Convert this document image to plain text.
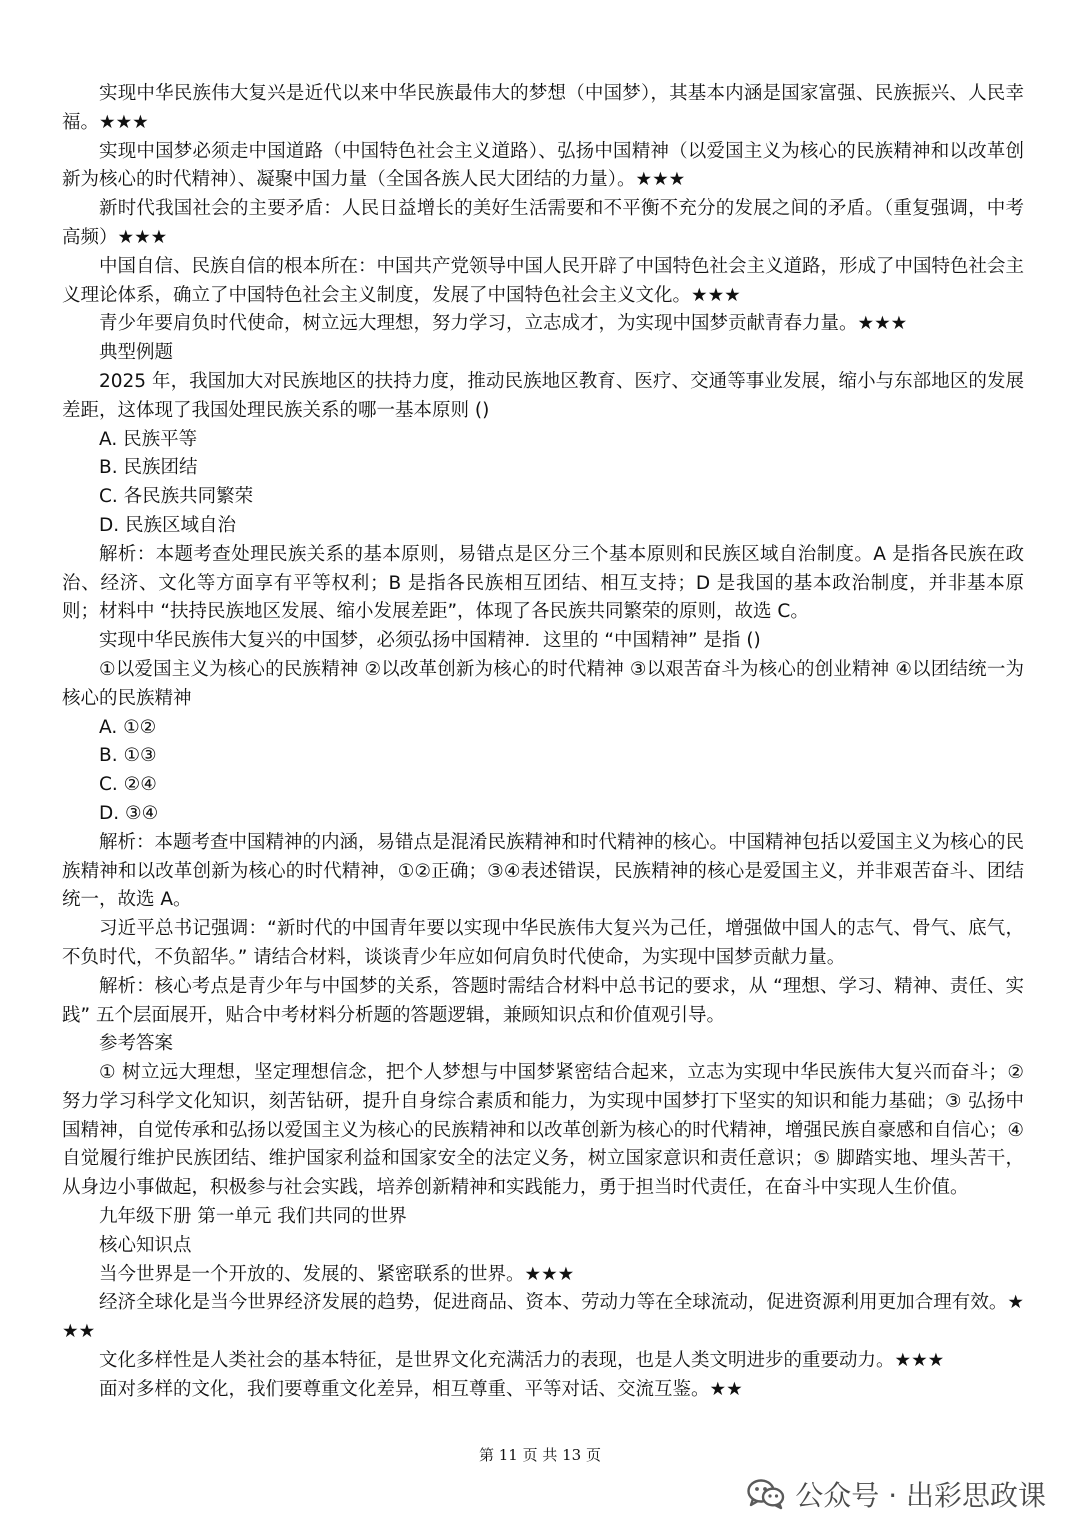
实现中华民族伟大复兴是近代以来中华民族最伟大的梦想（中国梦），其基本内涵是国家富强、民族振兴、人民幸福。★★★

实现中国梦必须走中国道路（中国特色社会主义道路）、弘扬中国精神（以爱国主义为核心的民族精神和以改革创新为核心的时代精神）、凝聚中国力量（全国各族人民大团结的力量）。★★★

新时代我国社会的主要矛盾：人民日益增长的美好生活需要和不平衡不充分的发展之间的矛盾。（重复强调，中考高频）★★★

中国自信、民族自信的根本所在：中国共产党领导中国人民开辟了中国特色社会主义道路，形成了中国特色社会主义理论体系，确立了中国特色社会主义制度，发展了中国特色社会主义文化。★★★

青少年要肩负时代使命，树立远大理想，努力学习，立志成才，为实现中国梦贡献青春力量。★★★

典型例题

2025 年，我国加大对民族地区的扶持力度，推动民族地区教育、医疗、交通等事业发展，缩小与东部地区的发展差距，这体现了我国处理民族关系的哪一基本原则 ()

A. 民族平等

B. 民族团结

C. 各民族共同繁荣

D. 民族区域自治

解析：本题考查处理民族关系的基本原则，易错点是区分三个基本原则和民族区域自治制度。A 是指各民族在政治、经济、文化等方面享有平等权利；B 是指各民族相互团结、相互支持；D 是我国的基本政治制度，并非基本原则；材料中 “扶持民族地区发展、缩小发展差距”，体现了各民族共同繁荣的原则，故选 C。

实现中华民族伟大复兴的中国梦，必须弘扬中国精神．这里的 “中国精神” 是指 ()

①以爱国主义为核心的民族精神 ②以改革创新为核心的时代精神 ③以艰苦奋斗为核心的创业精神 ④以团结统一为核心的民族精神

A. ①②

B. ①③

C. ②④

D. ③④

解析：本题考查中国精神的内涵，易错点是混淆民族精神和时代精神的核心。中国精神包括以爱国主义为核心的民族精神和以改革创新为核心的时代精神，①②正确；③④表述错误，民族精神的核心是爱国主义，并非艰苦奋斗、团结统一，故选 A。

习近平总书记强调：“新时代的中国青年要以实现中华民族伟大复兴为己任，增强做中国人的志气、骨气、底气，不负时代，不负韶华。” 请结合材料，谈谈青少年应如何肩负时代使命，为实现中国梦贡献力量。

解析：核心考点是青少年与中国梦的关系，答题时需结合材料中总书记的要求，从 “理想、学习、精神、责任、实践” 五个层面展开，贴合中考材料分析题的答题逻辑，兼顾知识点和价值观引导。

参考答案

① 树立远大理想，坚定理想信念，把个人梦想与中国梦紧密结合起来，立志为实现中华民族伟大复兴而奋斗；② 努力学习科学文化知识，刻苦钻研，提升自身综合素质和能力，为实现中国梦打下坚实的知识和能力基础；③ 弘扬中国精神，自觉传承和弘扬以爱国主义为核心的民族精神和以改革创新为核心的时代精神，增强民族自豪感和自信心；④ 自觉履行维护民族团结、维护国家利益和国家安全的法定义务，树立国家意识和责任意识；⑤ 脚踏实地、埋头苦干，从身边小事做起，积极参与社会实践，培养创新精神和实践能力，勇于担当时代责任，在奋斗中实现人生价值。

九年级下册 第一单元 我们共同的世界

核心知识点

当今世界是一个开放的、发展的、紧密联系的世界。★★★

经济全球化是当今世界经济发展的趋势，促进商品、资本、劳动力等在全球流动，促进资源利用更加合理有效。★★★

文化多样性是人类社会的基本特征，是世界文化充满活力的表现，也是人类文明进步的重要动力。★★★

面对多样的文化，我们要尊重文化差异，相互尊重、平等对话、交流互鉴。★★

第 11 页 共 13 页
公众号 · 出彩思政课
